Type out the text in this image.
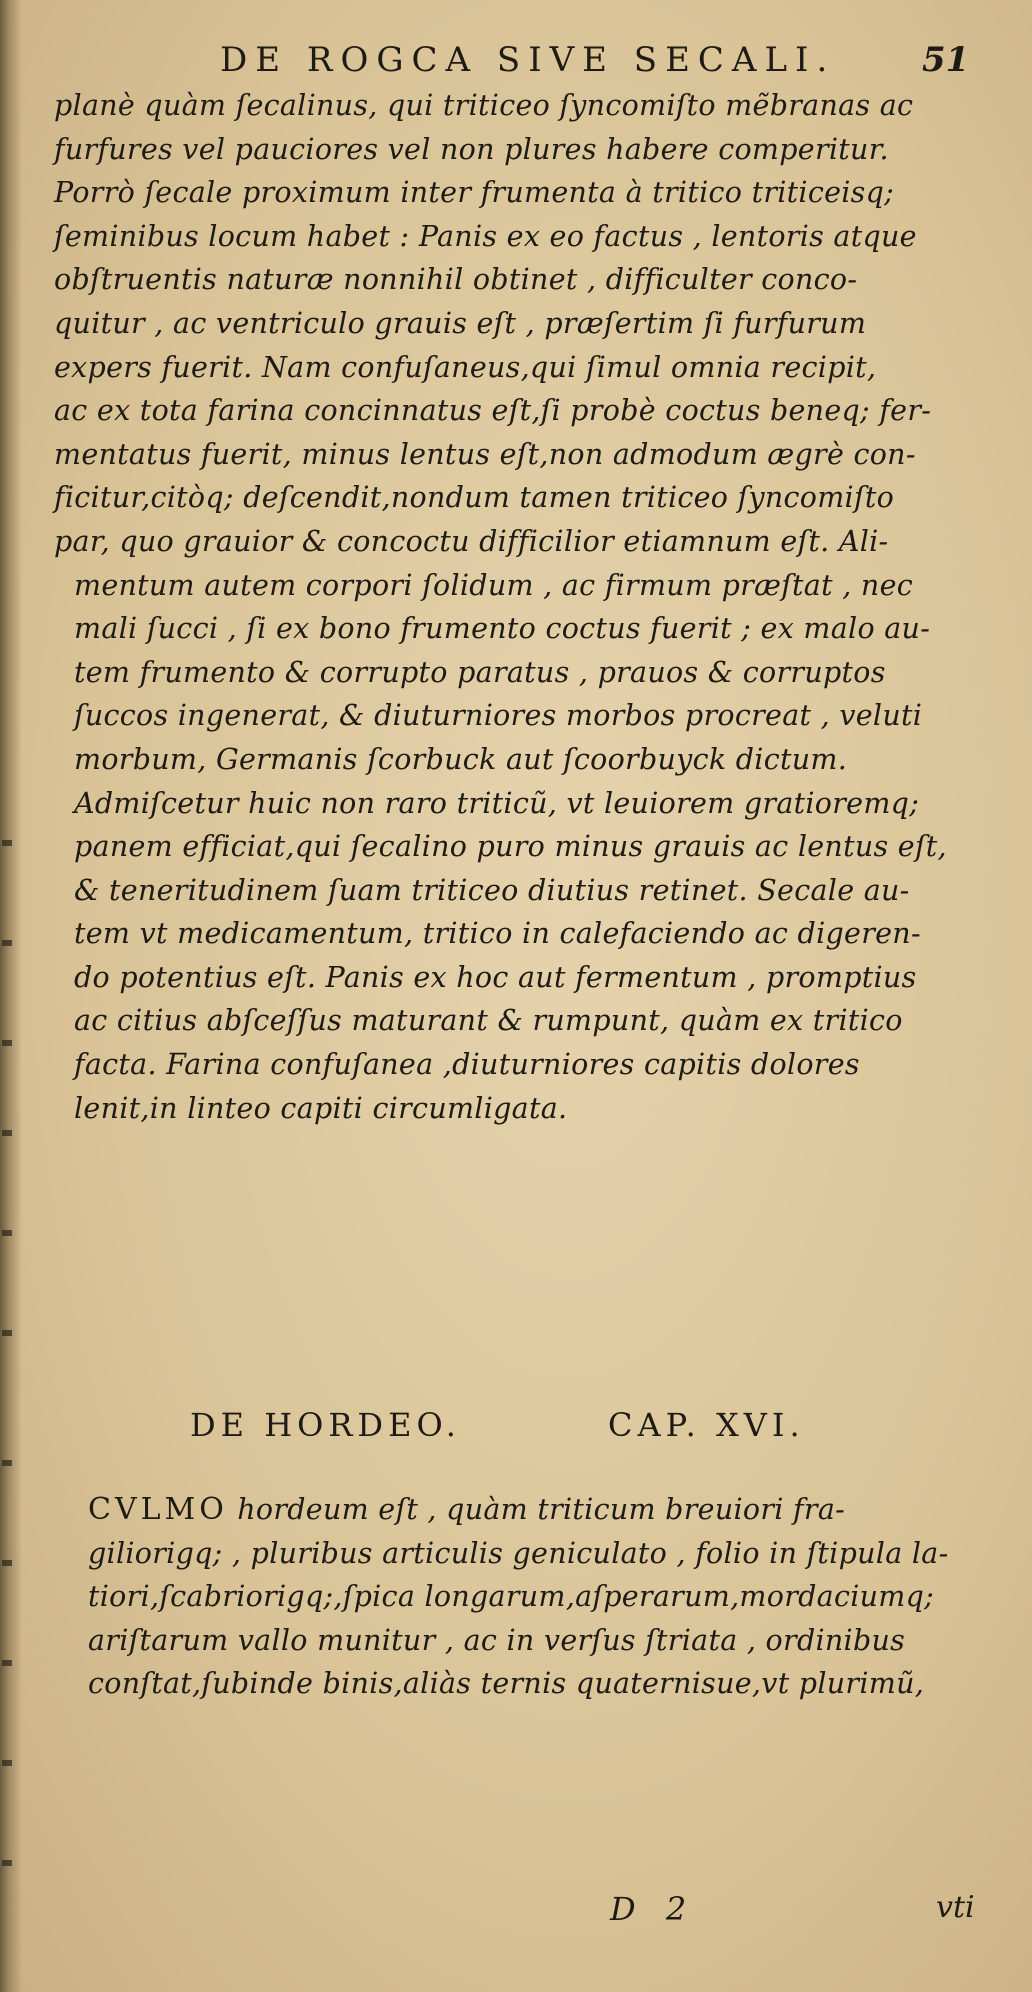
DE ROGCA SIVE SECALI.	51
planè quàm ſecalinus, qui triticeo ſyncomiſto mẽbranas ac
furfures vel pauciores vel non plures habere comperitur.
Porrò ſecale proximum inter frumenta à tritico triticeisq;
ſeminibus locum habet : Panis ex eo factus , lentoris atque
obſtruentis naturæ nonnihil obtinet , difficulter conco-
quitur , ac ventriculo grauis eſt , præſertim ſi furfurum
expers fuerit. Nam confuſaneus,qui ſimul omnia recipit,
ac ex tota farina concinnatus eſt,ſi probè coctus beneq; fer-
mentatus fuerit, minus lentus eſt,non admodum ægrè con-
ficitur,citòq; deſcendit,nondum tamen triticeo ſyncomiſto
par, quo grauior & concoctu difficilior etiamnum eſt. Ali-
mentum autem corpori ſolidum , ac firmum præſtat , nec
mali ſucci , ſi ex bono frumento coctus fuerit ; ex malo au-
tem frumento & corrupto paratus , prauos & corruptos
ſuccos ingenerat, & diuturniores morbos procreat , veluti
morbum, Germanis ſcorbuck aut ſcoorbuyck dictum.
Admiſcetur huic non raro triticũ, vt leuiorem gratioremq;
panem efficiat,qui ſecalino puro minus grauis ac lentus eſt,
& teneritudinem ſuam triticeo diutius retinet. Secale au-
tem vt medicamentum, tritico in calefaciendo ac digeren-
do potentius eſt. Panis ex hoc aut fermentum , promptius
ac citius abſceſſus maturant & rumpunt, quàm ex tritico
facta. Farina confuſanea ,diuturniores capitis dolores
lenit,in linteo capiti circumligata.
DE HORDEO.	CAP. XVI.
CVLMO hordeum eſt , quàm triticum breuiori fra-
giliorigq; , pluribus articulis geniculato , folio in ſtipula la-
tiori,ſcabriorigq;,ſpica longarum,aſperarum,mordaciumq;
ariſtarum vallo munitur , ac in verſus ſtriata , ordinibus
conſtat,ſubinde binis,aliàs ternis quaternisue,vt plurimũ,
D 2	vti
